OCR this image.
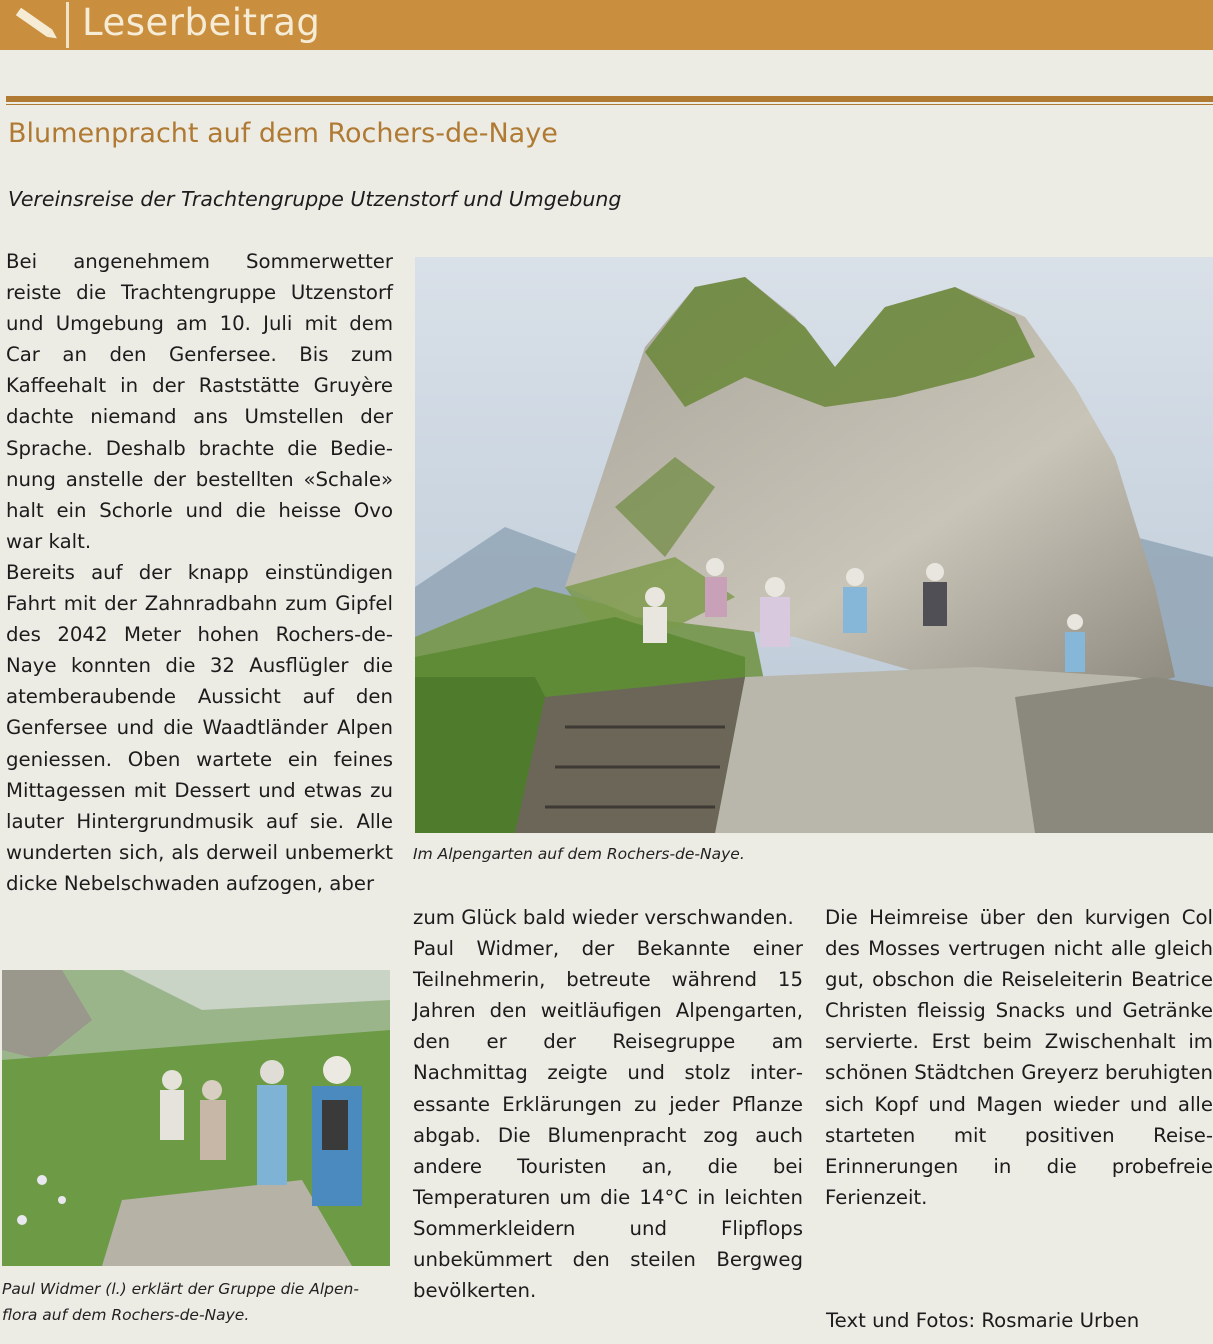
Leserbeitrag
Blumenpracht auf dem Rochers-de-Naye
Vereinsreise der Trachtengruppe Utzenstorf und Umgebung

Bei angenehmem Sommerwetter reiste die Trachtengruppe Utzenstorf und Umgebung am 10. Juli mit dem Car an den Genfersee. Bis zum Kaffeehalt in der Raststätte Gruyère dachte niemand ans Umstellen der Sprache. Deshalb brachte die Bedienung anstelle der bestellten «Schale» halt ein Schorle und die heisse Ovo war kalt.

Bereits auf der knapp einstündigen Fahrt mit der Zahnradbahn zum Gipfel des 2042 Meter hohen Rochers-de-Naye konnten die 32 Ausflügler die atemberaubende Aussicht auf den Genfersee und die Waadtländer Alpen geniessen. Oben wartete ein feines Mittagessen mit Dessert und etwas zu lauter Hintergrundmusik auf sie. Alle wunderten sich, als derweil unbemerkt dicke Nebelschwaden aufzogen, aber

Im Alpengarten auf dem Rochers-de-Naye.
Paul Widmer (l.) erklärt der Gruppe die Alpen-
flora auf dem Rochers-de-Naye.

zum Glück bald wieder verschwanden.

Paul Widmer, der Bekannte einer Teilnehmerin, betreute während 15 Jahren den weitläufigen Alpengarten, den er der Reisegruppe am Nachmittag zeigte und stolz interessante Erklärungen zu jeder Pflanze abgab. Die Blumenpracht zog auch andere Touristen an, die bei Temperaturen um die 14°C in leichten Sommerkleidern und Flipflops unbekümmert den steilen Bergweg bevölkerten.

Die Heimreise über den kurvigen Col des Mosses vertrugen nicht alle gleich gut, obschon die Reiseleiterin Beatrice Christen fleissig Snacks und Getränke servierte. Erst beim Zwischenhalt im schönen Städtchen Greyerz beruhigten sich Kopf und Magen wieder und alle starteten mit positiven Reise-Erinnerungen in die probefreie Ferienzeit.

Text und Fotos: Rosmarie Urben
